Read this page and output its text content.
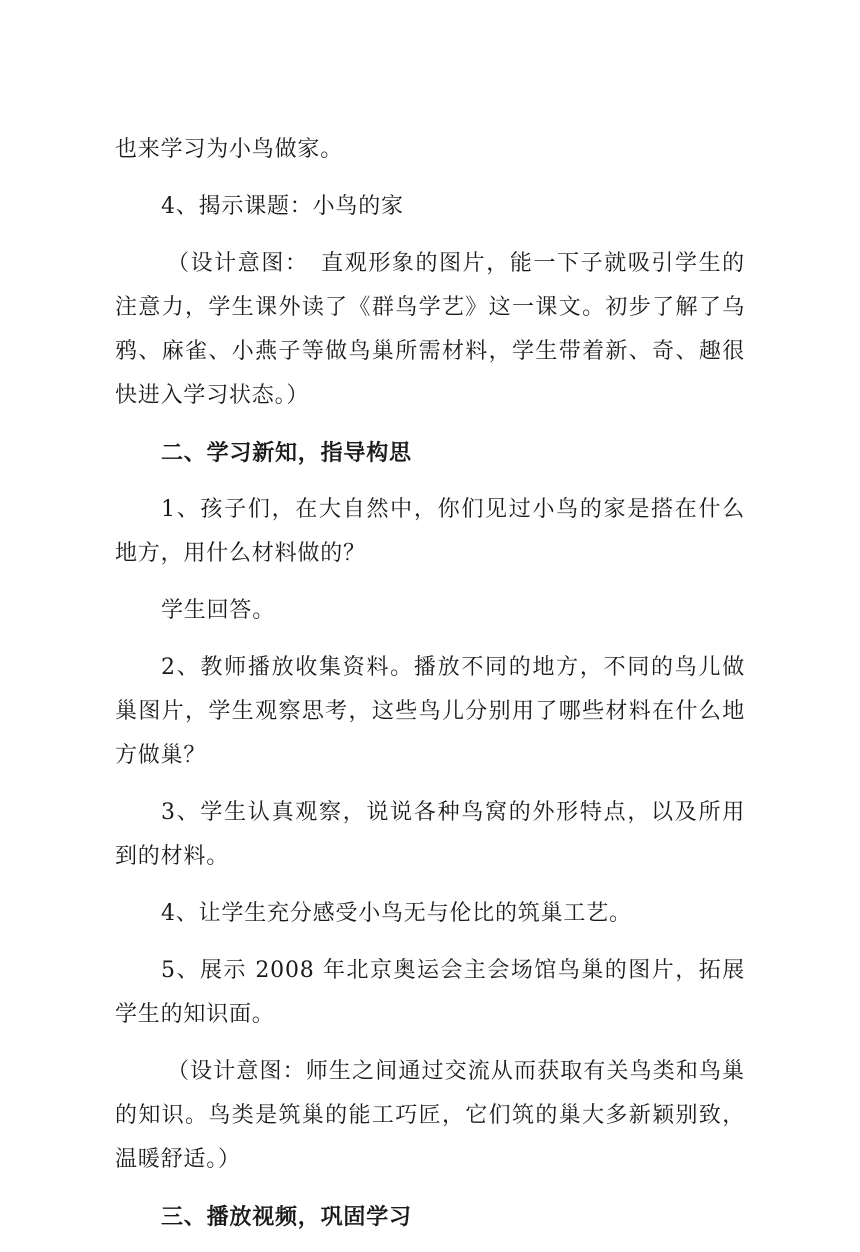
也来学习为小鸟做家。

4、揭示课题：小鸟的家

（设计意图：　直观形象的图片，能一下子就吸引学生的注意力，学生课外读了《群鸟学艺》这一课文。初步了解了乌鸦、麻雀、小燕子等做鸟巢所需材料，学生带着新、奇、趣很快进入学习状态。）

二、学习新知，指导构思

1、孩子们，在大自然中，你们见过小鸟的家是搭在什么地方，用什么材料做的？

学生回答。

2、教师播放收集资料。播放不同的地方，不同的鸟儿做巢图片，学生观察思考，这些鸟儿分别用了哪些材料在什么地方做巢？

3、学生认真观察，说说各种鸟窝的外形特点，以及所用到的材料。

4、让学生充分感受小鸟无与伦比的筑巢工艺。

5、展示 2008 年北京奥运会主会场馆鸟巢的图片，拓展学生的知识面。

（设计意图：师生之间通过交流从而获取有关鸟类和鸟巢的知识。鸟类是筑巢的能工巧匠，它们筑的巢大多新颖别致，温暖舒适。）

三、播放视频，巩固学习
